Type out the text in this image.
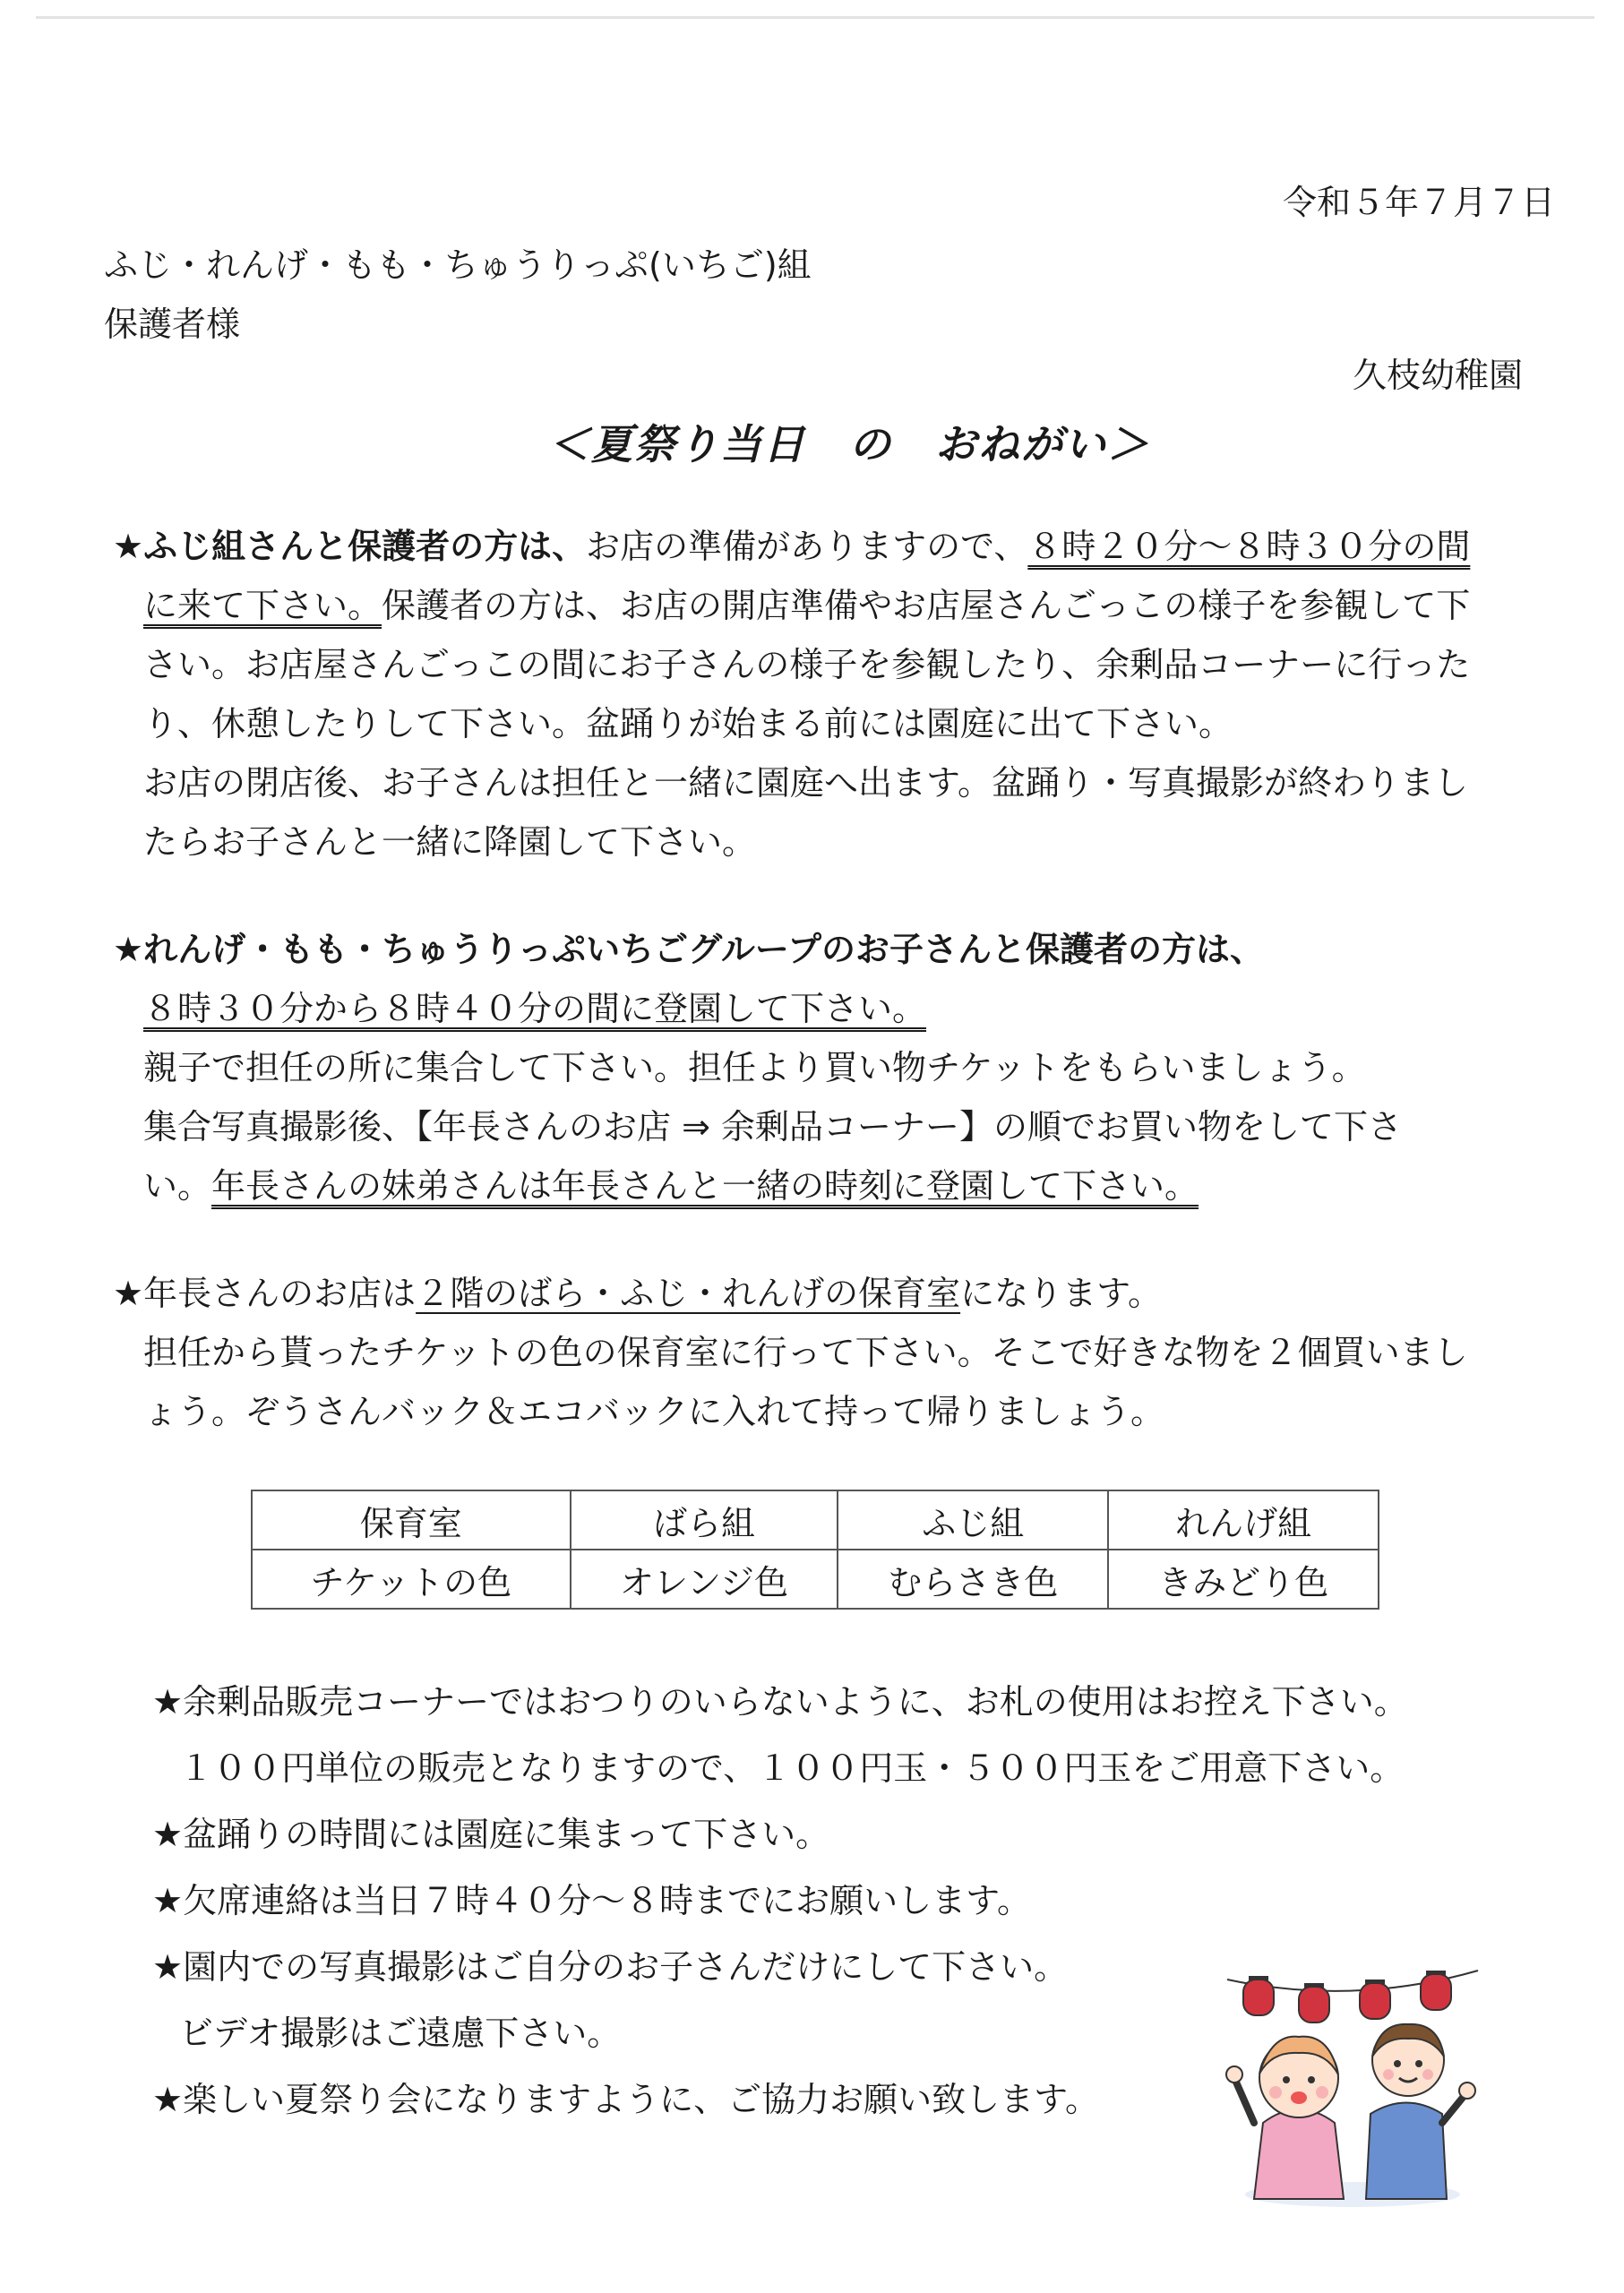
令和５年７月７日
ふじ・れんげ・もも・ちゅうりっぷ(いちご)組
保護者様
久枝幼稚園
＜夏祭り当日　の　おねがい＞
★ふじ組さんと保護者の方は、お店の準備がありますので、８時２０分～８時３０分の間
に来て下さい。保護者の方は、お店の開店準備やお店屋さんごっこの様子を参観して下
さい。お店屋さんごっこの間にお子さんの様子を参観したり、余剰品コーナーに行った
り、休憩したりして下さい。盆踊りが始まる前には園庭に出て下さい。
お店の閉店後、お子さんは担任と一緒に園庭へ出ます。盆踊り・写真撮影が終わりまし
たらお子さんと一緒に降園して下さい。
★れんげ・もも・ちゅうりっぷいちごグループのお子さんと保護者の方は、
８時３０分から８時４０分の間に登園して下さい。
親子で担任の所に集合して下さい。担任より買い物チケットをもらいましょう。
集合写真撮影後、【年長さんのお店 ⇒ 余剰品コーナー】の順でお買い物をして下さ
い。年長さんの妹弟さんは年長さんと一緒の時刻に登園して下さい。
★年長さんのお店は２階のばら・ふじ・れんげの保育室になります。
担任から貰ったチケットの色の保育室に行って下さい。そこで好きな物を２個買いまし
ょう。ぞうさんバック＆エコバックに入れて持って帰りましょう。
保育室	ばら組	ふじ組	れんげ組
チケットの色	オレンジ色	むらさき色	きみどり色
★余剰品販売コーナーではおつりのいらないように、お札の使用はお控え下さい。
１００円単位の販売となりますので、１００円玉・５００円玉をご用意下さい。
★盆踊りの時間には園庭に集まって下さい。
★欠席連絡は当日７時４０分～８時までにお願いします。
★園内での写真撮影はご自分のお子さんだけにして下さい。
ビデオ撮影はご遠慮下さい。
★楽しい夏祭り会になりますように、ご協力お願い致します。
